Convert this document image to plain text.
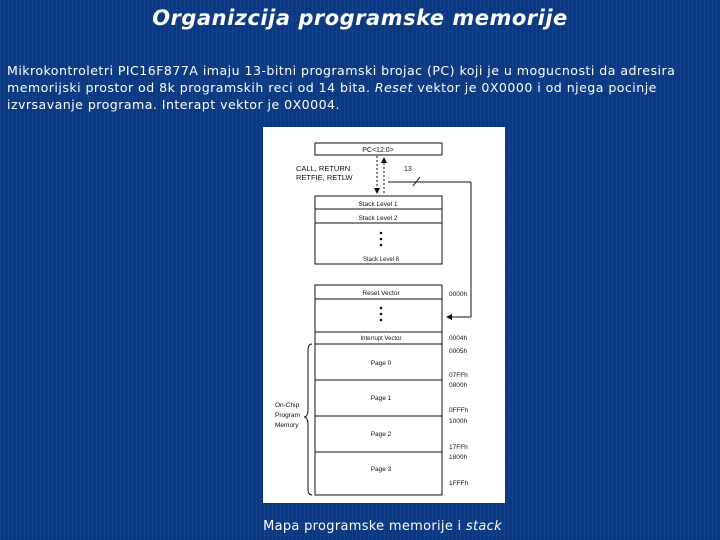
Organizcija programske memorije
Mikrokontroletri PIC16F877A imaju 13-bitni programski brojac (PC) koji je u mogucnosti da adresira memorijski prostor od 8k programskih reci od 14 bita. Reset vektor je 0X0000 i od njega pocinje izvrsavanje programa. Interapt vektor je 0X0004.
PC<12:0>
CALL, RETURN
RETFIE, RETLW
13
Stack Level 1
Stack Level 2
Stack Level 8
Reset Vector
Interrupt Vector
Page 0
Page 1
Page 2
Page 3
On-Chip
Program
Memory
0000h
0004h
0005h
07FFh
0800h
0FFFh
1000h
17FFh
1800h
1FFFh
Mapa programske memorije i stack
